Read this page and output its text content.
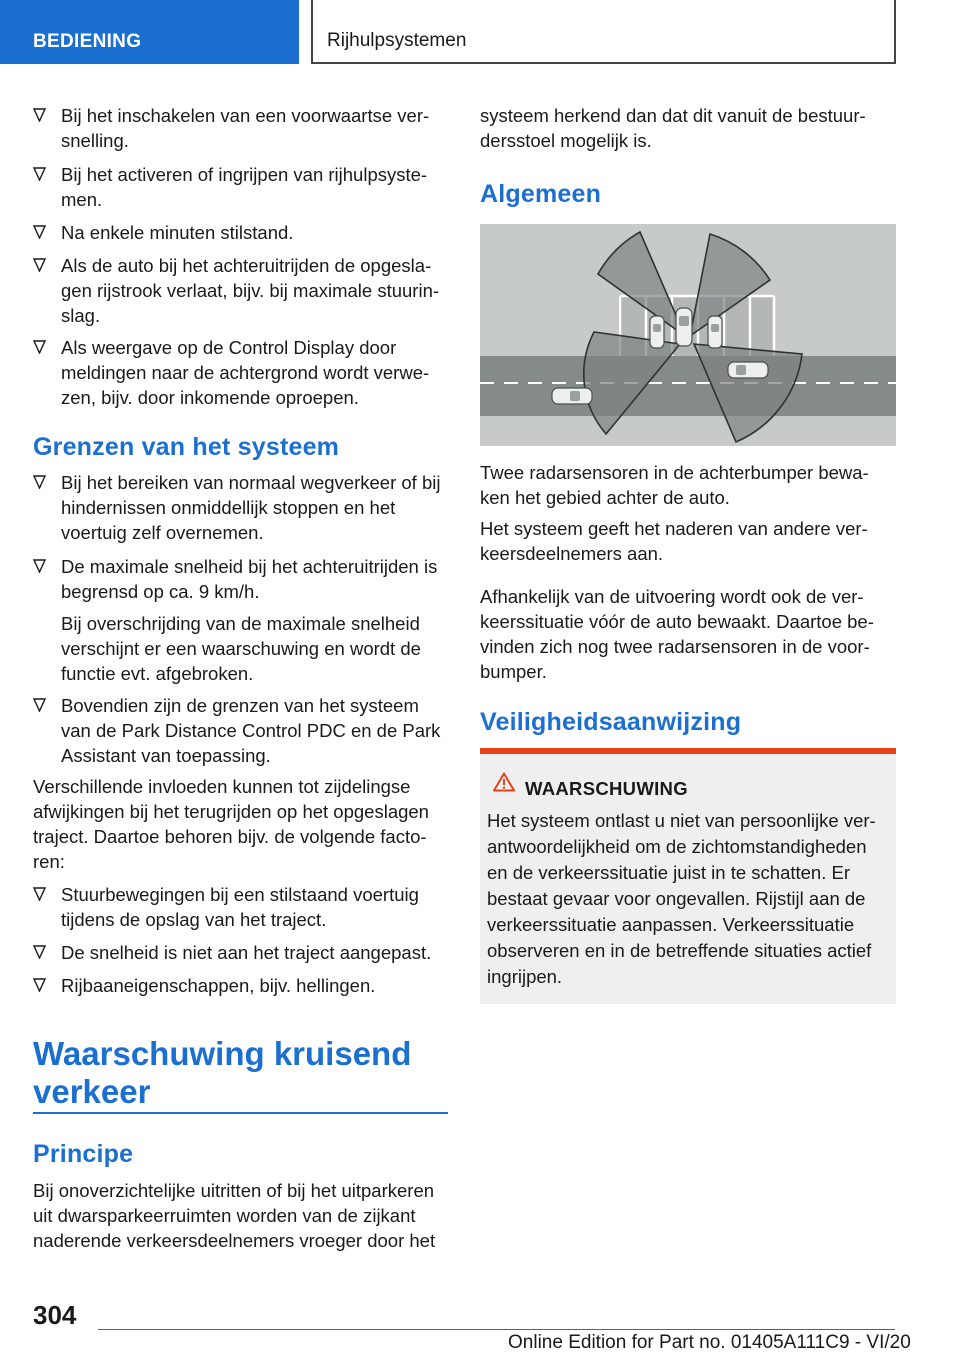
BEDIENING	Rijhulpsystemen
Bij het inschakelen van een voorwaartse ver-snelling.
Bij het activeren of ingrijpen van rijhulpsyste-men.
Na enkele minuten stilstand.
Als de auto bij het achteruitrijden de opgesla-gen rijstrook verlaat, bijv. bij maximale stuurin-slag.
Als weergave op de Control Display door meldingen naar de achtergrond wordt verwe-zen, bijv. door inkomende oproepen.
Grenzen van het systeem
Bij het bereiken van normaal wegverkeer of bij hindernissen onmiddellijk stoppen en het voertuig zelf overnemen.
De maximale snelheid bij het achteruitrijden is begrensd op ca. 9 km/h.
Bij overschrijding van de maximale snelheid verschijnt er een waarschuwing en wordt de functie evt. afgebroken.
Bovendien zijn de grenzen van het systeem van de Park Distance Control PDC en de Park Assistant van toepassing.
Verschillende invloeden kunnen tot zijdelingse afwijkingen bij het terugrijden op het opgeslagen traject. Daartoe behoren bijv. de volgende facto-ren:
Stuurbewegingen bij een stilstaand voertuig tijdens de opslag van het traject.
De snelheid is niet aan het traject aangepast.
Rijbaaneigenschappen, bijv. hellingen.
Waarschuwing kruisend verkeer
Principe
Bij onoverzichtelijke uitritten of bij het uitparkeren uit dwarsparkeerruimten worden van de zijkant naderende verkeersdeelnemers vroeger door het
systeem herkend dan dat dit vanuit de bestuur-dersstoel mogelijk is.
Algemeen
Twee radarsensoren in de achterbumper bewa-ken het gebied achter de auto.
Het systeem geeft het naderen van andere ver-keersdeelnemers aan.
Afhankelijk van de uitvoering wordt ook de ver-keerssituatie vóór de auto bewaakt. Daartoe be-vinden zich nog twee radarsensoren in de voor-bumper.
Veiligheidsaanwijzing
WAARSCHUWING
Het systeem ontlast u niet van persoonlijke ver-antwoordelijkheid om de zichtomstandigheden en de verkeerssituatie juist in te schatten. Er bestaat gevaar voor ongevallen. Rijstijl aan de verkeerssituatie aanpassen. Verkeerssituatie observeren en in de betreffende situaties actief ingrijpen.
304
Online Edition for Part no. 01405A111C9 - VI/20
